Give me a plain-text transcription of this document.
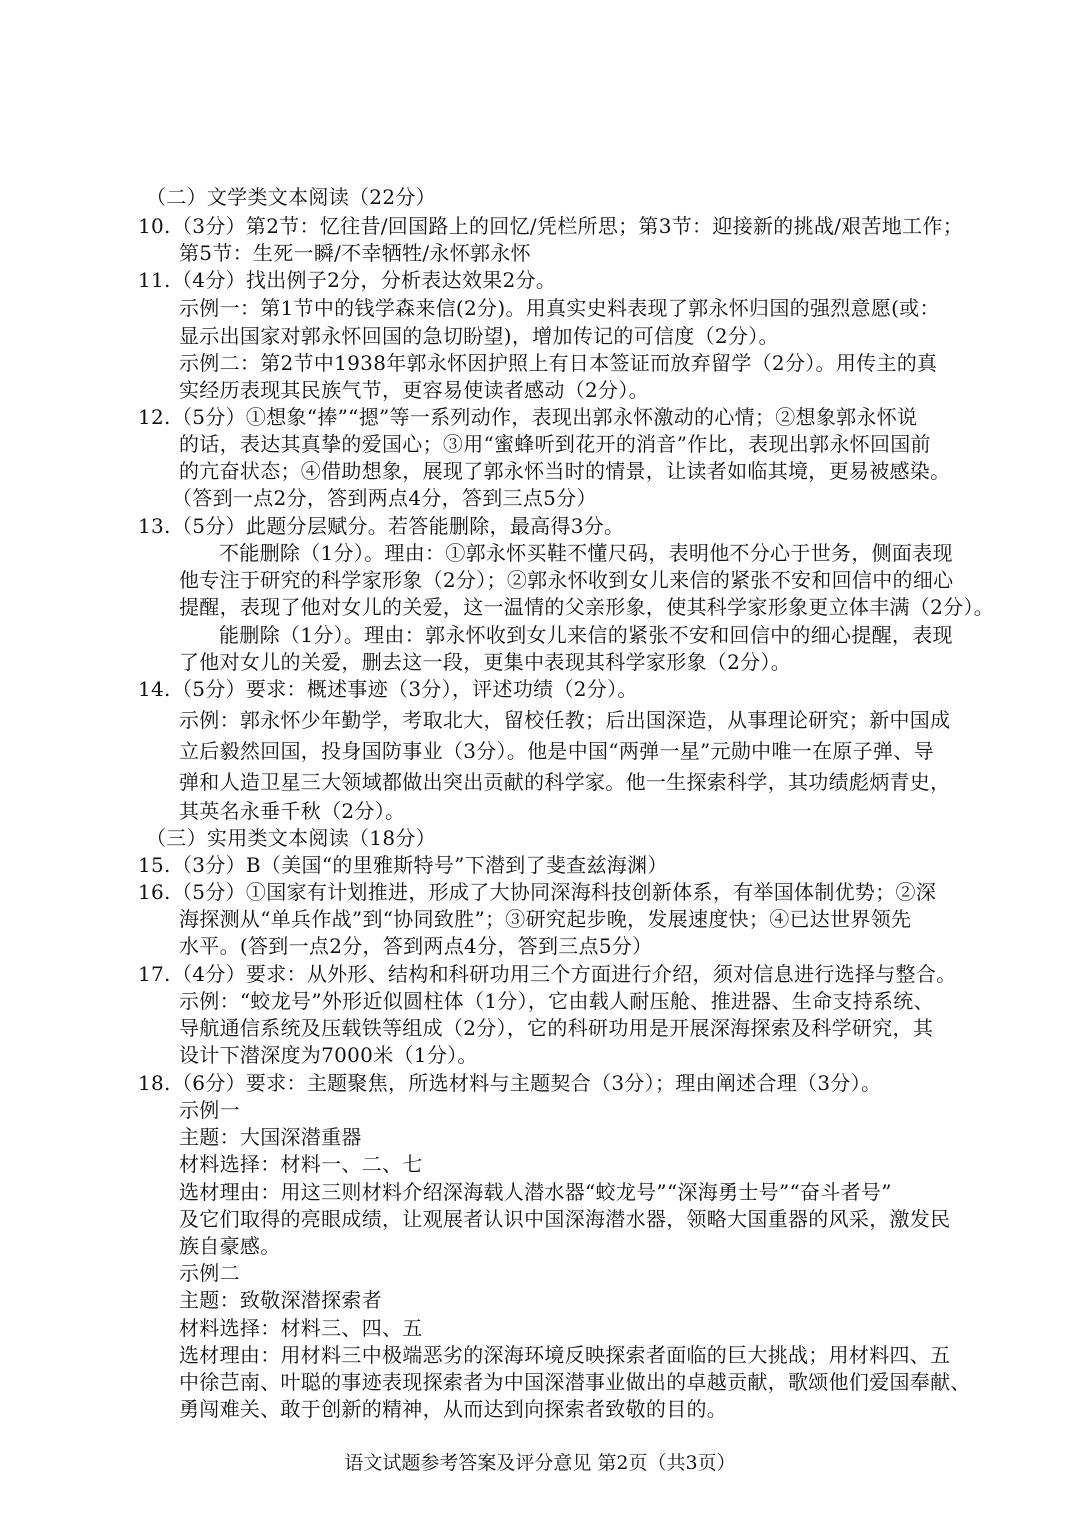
（二）文学类文本阅读（22分）
10.（3分）第2节：忆往昔/回国路上的回忆/凭栏所思；第3节：迎接新的挑战/艰苦地工作；
第5节：生死一瞬/不幸牺牲/永怀郭永怀
11.（4分）找出例子2分，分析表达效果2分。
示例一：第1节中的钱学森来信(2分)。用真实史料表现了郭永怀归国的强烈意愿(或：
显示出国家对郭永怀回国的急切盼望)，增加传记的可信度（2分）。
示例二：第2节中1938年郭永怀因护照上有日本签证而放弃留学（2分）。用传主的真
实经历表现其民族气节，更容易使读者感动（2分）。
12.（5分）①想象“捧”“摁”等一系列动作，表现出郭永怀激动的心情；②想象郭永怀说
的话，表达其真挚的爱国心；③用“蜜蜂听到花开的消音”作比，表现出郭永怀回国前
的亢奋状态；④借助想象，展现了郭永怀当时的情景，让读者如临其境，更易被感染。
（答到一点2分，答到两点4分，答到三点5分）
13.（5分）此题分层赋分。若答能删除，最高得3分。
不能删除（1分）。理由：①郭永怀买鞋不懂尺码，表明他不分心于世务，侧面表现
他专注于研究的科学家形象（2分）；②郭永怀收到女儿来信的紧张不安和回信中的细心
提醒，表现了他对女儿的关爱，这一温情的父亲形象，使其科学家形象更立体丰满（2分）。
能删除（1分）。理由：郭永怀收到女儿来信的紧张不安和回信中的细心提醒，表现
了他对女儿的关爱，删去这一段，更集中表现其科学家形象（2分）。
14.（5分）要求：概述事迹（3分），评述功绩（2分）。
示例：郭永怀少年勤学，考取北大，留校任教；后出国深造，从事理论研究；新中国成
立后毅然回国，投身国防事业（3分）。他是中国“两弹一星”元勋中唯一在原子弹、导
弹和人造卫星三大领域都做出突出贡献的科学家。他一生探索科学，其功绩彪炳青史，
其英名永垂千秋（2分）。
（三）实用类文本阅读（18分）
15.（3分）B（美国“的里雅斯特号”下潜到了斐查兹海渊）
16.（5分）①国家有计划推进，形成了大协同深海科技创新体系，有举国体制优势；②深
海探测从“单兵作战”到“协同致胜”；③研究起步晚，发展速度快；④已达世界领先
水平。(答到一点2分，答到两点4分，答到三点5分）
17.（4分）要求：从外形、结构和科研功用三个方面进行介绍，须对信息进行选择与整合。
示例：“蛟龙号”外形近似圆柱体（1分），它由载人耐压舱、推进器、生命支持系统、
导航通信系统及压载铁等组成（2分），它的科研功用是开展深海探索及科学研究，其
设计下潜深度为7000米（1分）。
18.（6分）要求：主题聚焦，所选材料与主题契合（3分）；理由阐述合理（3分）。
示例一
主题：大国深潜重器
材料选择：材料一、二、七
选材理由：用这三则材料介绍深海载人潜水器“蛟龙号”“深海勇士号”“奋斗者号”
及它们取得的亮眼成绩，让观展者认识中国深海潜水器，领略大国重器的风采，激发民
族自豪感。
示例二
主题：致敬深潜探索者
材料选择：材料三、四、五
选材理由：用材料三中极端恶劣的深海环境反映探索者面临的巨大挑战；用材料四、五
中徐芑南、叶聪的事迹表现探索者为中国深潜事业做出的卓越贡献，歌颂他们爱国奉献、
勇闯难关、敢于创新的精神，从而达到向探索者致敬的目的。
语文试题参考答案及评分意见 第2页（共3页）
